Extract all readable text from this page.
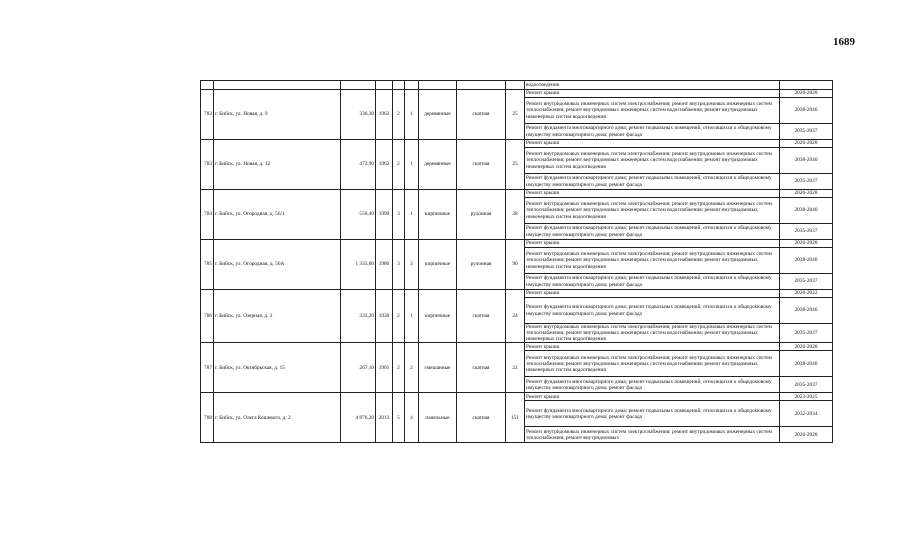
1689
									водоотведения	
782	г. Бийск, ул. Новая, д. 9	336,30	1962	2	1	деревянные	скатная	25	Ремонт крыши	2026-2028
									Ремонт внутридомовых инженерных систем электроснабжения; ремонт внутридомовых инженерных систем теплоснабжения; ремонт внутридомовых инженерных систем водоснабжения; ремонт внутридомовых инженерных систем водоотведения	2038-2040
									Ремонт фундамента многоквартирного дома; ремонт подвальных помещений, относящихся к общедомовому имуществу многоквартирного дома; ремонт фасада	2035-2037
783	г. Бийск, ул. Новая, д. 12	473,90	1962	2	1	деревянные	скатная	25	Ремонт крыши	2026-2028
									Ремонт внутридомовых инженерных систем электроснабжения; ремонт внутридомовых инженерных систем теплоснабжения; ремонт внутридомовых инженерных систем водоснабжения; ремонт внутридомовых инженерных систем водоотведения	2038-2040
									Ремонт фундамента многоквартирного дома; ремонт подвальных помещений, относящихся к общедомовому имуществу многоквартирного дома; ремонт фасада	2035-2037
784	г. Бийск, ул. Огородная, д. 56/1	556,40	1990	3	1	кирпичные	рулонная	28	Ремонт крыши	2026-2028
									Ремонт внутридомовых инженерных систем электроснабжения; ремонт внутридомовых инженерных систем теплоснабжения; ремонт внутридомовых инженерных систем водоснабжения; ремонт внутридомовых инженерных систем водоотведения	2038-2040
									Ремонт фундамента многоквартирного дома; ремонт подвальных помещений, относящихся к общедомовому имуществу многоквартирного дома; ремонт фасада	2035-2037
785	г. Бийск, ул. Огородная, д. 56А	1 333,00	1980	3	3	кирпичные	рулонная	90	Ремонт крыши	2026-2028
									Ремонт внутридомовых инженерных систем электроснабжения; ремонт внутридомовых инженерных систем теплоснабжения; ремонт внутридомовых инженерных систем водоснабжения; ремонт внутридомовых инженерных систем водоотведения	2038-2040
									Ремонт фундамента многоквартирного дома; ремонт подвальных помещений, относящихся к общедомовому имуществу многоквартирного дома; ремонт фасада	2035-2037
786	г. Бийск, ул. Озерная, д. 3	333,20	1930	2	1	кирпичные	скатная	24	Ремонт крыши	2020-2022
									Ремонт фундамента многоквартирного дома; ремонт подвальных помещений, относящихся к общедомовому имуществу многоквартирного дома; ремонт фасада	2038-2040
									Ремонт внутридомовых инженерных систем электроснабжения; ремонт внутридомовых инженерных систем теплоснабжения; ремонт внутридомовых инженерных систем водоснабжения; ремонт внутридомовых инженерных систем водоотведения	2035-2037
787	г. Бийск, ул. Октябрьская, д. 15	267,10	1901	2	2	смешанные	скатная	22	Ремонт крыши	2026-2028
									Ремонт внутридомовых инженерных систем электроснабжения; ремонт внутридомовых инженерных систем теплоснабжения; ремонт внутридомовых инженерных систем водоснабжения; ремонт внутридомовых инженерных систем водоотведения	2038-2040
									Ремонт фундамента многоквартирного дома; ремонт подвальных помещений, относящихся к общедомовому имуществу многоквартирного дома; ремонт фасада	2035-2037
788	г. Бийск, ул. Олега Кошевого, д. 2	4 876,20	2013	5	4	панельные	скатная	151	Ремонт крыши	2023-2025
									Ремонт фундамента многоквартирного дома; ремонт подвальных помещений, относящихся к общедомовому имуществу многоквартирного дома; ремонт фасада	2032-2034
									Ремонт внутридомовых инженерных систем электроснабжения; ремонт внутридомовых инженерных систем теплоснабжения; ремонт внутридомовых	2026-2028
